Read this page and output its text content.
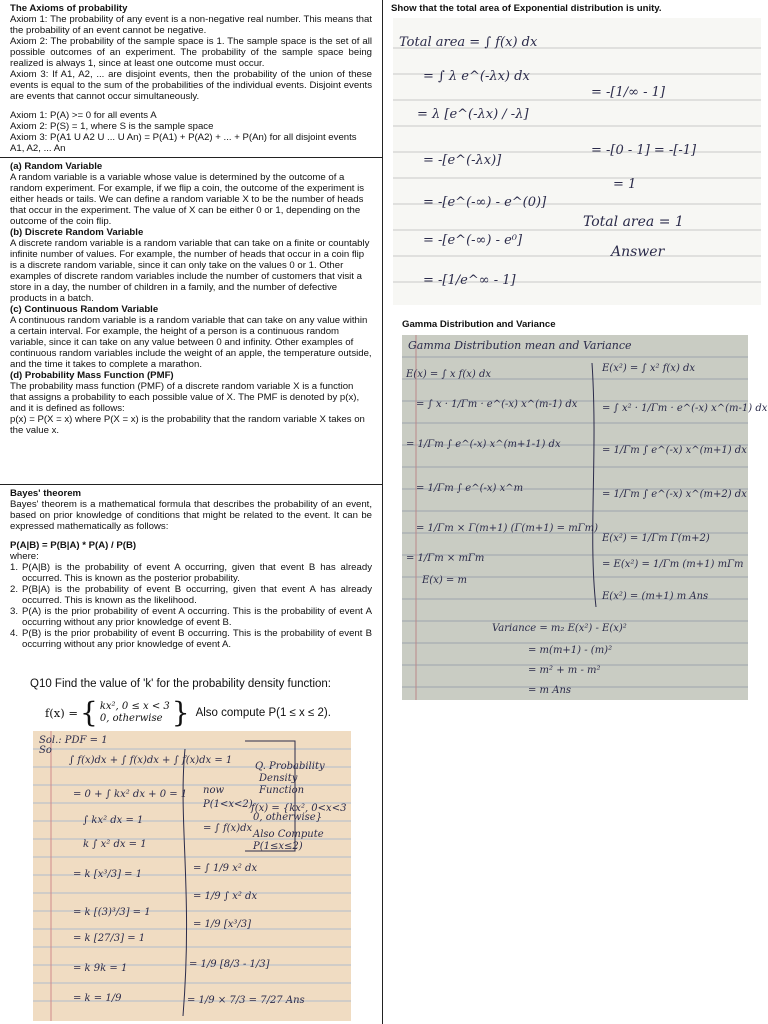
The Axioms of probability
Axiom 1: The probability of any event is a non-negative real number. This means that the probability of an event cannot be negative.
Axiom 2: The probability of the sample space is 1. The sample space is the set of all possible outcomes of an experiment. The probability of the sample space being realized is always 1, since at least one outcome must occur.
Axiom 3: If A1, A2, ... are disjoint events, then the probability of the union of these events is equal to the sum of the probabilities of the individual events. Disjoint events are events that cannot occur simultaneously.
Axiom 1: P(A) >= 0 for all events A
Axiom 2: P(S) = 1, where S is the sample space
Axiom 3: P(A1 U A2 U ... U An) = P(A1) + P(A2) + ... + P(An) for all disjoint events A1, A2, ... An
(a) Random Variable
A random variable is a variable whose value is determined by the outcome of a random experiment. For example, if we flip a coin, the outcome of the experiment is either heads or tails. We can define a random variable X to be the number of heads that occur in the experiment. The value of X can be either 0 or 1, depending on the outcome of the coin flip.
(b) Discrete Random Variable
A discrete random variable is a random variable that can take on a finite or countably infinite number of values. For example, the number of heads that occur in a coin flip is a discrete random variable, since it can only take on the values 0 or 1. Other examples of discrete random variables include the number of customers that visit a store in a day, the number of children in a family, and the number of defective products in a batch.
(c) Continuous Random Variable
A continuous random variable is a random variable that can take on any value within a certain interval. For example, the height of a person is a continuous random variable, since it can take on any value between 0 and infinity. Other examples of continuous random variables include the weight of an apple, the temperature outside, and the time it takes to complete a marathon.
(d) Probability Mass Function (PMF)
The probability mass function (PMF) of a discrete random variable X is a function that assigns a probability to each possible value of X. The PMF is denoted by p(x), and it is defined as follows:
p(x) = P(X = x) where P(X = x) is the probability that the random variable X takes on the value x.
Bayes' theorem
Bayes' theorem is a mathematical formula that describes the probability of an event, based on prior knowledge of conditions that might be related to the event. It can be expressed mathematically as follows:
P(A|B) = P(B|A) * P(A) / P(B)
where:
1. P(A|B) is the probability of event A occurring, given that event B has already occurred. This is known as the posterior probability.
2. P(B|A) is the probability of event B occurring, given that event A has already occurred. This is known as the likelihood.
3. P(A) is the prior probability of event A occurring. This is the probability of event A occurring without any prior knowledge of event B.
4. P(B) is the prior probability of event B occurring. This is the probability of event B occurring without any prior knowledge of event A.
Q10 Find the value of 'k' for the probability density function:
f(x) = { kx², 0 ≤ x < 3
0, otherwise } Also compute P(1 ≤ x ≤ 2).
Sol.: PDF = 1
So
∫ f(x)dx + ∫ f(x)dx + ∫ f(x)dx = 1
= 0 + ∫ kx² dx + 0 = 1
∫ kx² dx = 1
k ∫ x² dx = 1
= k [x³/3] = 1
= k [(3)³/3] = 1
= k [27/3] = 1
= k 9k = 1
= k = 1/9
now
P(1<x<2)
= ∫ f(x)dx
= ∫ 1/9 x² dx
= 1/9 ∫ x² dx
= 1/9 [x³/3]
= 1/9 [8/3 - 1/3]
= 1/9 × 7/3 = 7/27 Ans
Q. Probability
Density
Function
f(x) = {kx², 0<x<3
0, otherwise}
Also Compute
P(1≤x≤2)
Show that the total area of Exponential distribution is unity.
Total area = ∫ f(x) dx
= ∫ λ e^(-λx) dx
= λ [e^(-λx) / -λ]
= -[e^(-λx)]
= -[e^(-∞) - e^(0)]
= -[e^(-∞) - e⁰]
= -[1/e^∞ - 1]
= -[1/∞ - 1]
= -[0 - 1] = -[-1]
= 1
Total area = 1
Answer
Gamma Distribution and Variance
Gamma Distribution mean and Variance
E(x) = ∫ x f(x) dx
= ∫ x · 1/Γm · e^(-x) x^(m-1) dx
= 1/Γm ∫ e^(-x) x^(m+1-1) dx
= 1/Γm ∫ e^(-x) x^m
= 1/Γm × Γ(m+1) (Γ(m+1) = mΓm)
= 1/Γm × mΓm
E(x) = m
E(x²) = ∫ x² f(x) dx
= ∫ x² · 1/Γm · e^(-x) x^(m-1) dx
= 1/Γm ∫ e^(-x) x^(m+1) dx
= 1/Γm ∫ e^(-x) x^(m+2) dx
E(x²) = 1/Γm Γ(m+2)
= E(x²) = 1/Γm (m+1) mΓm
E(x²) = (m+1) m Ans
Variance = m₂ E(x²) - E(x)²
= m(m+1) - (m)²
= m² + m - m²
= m Ans
